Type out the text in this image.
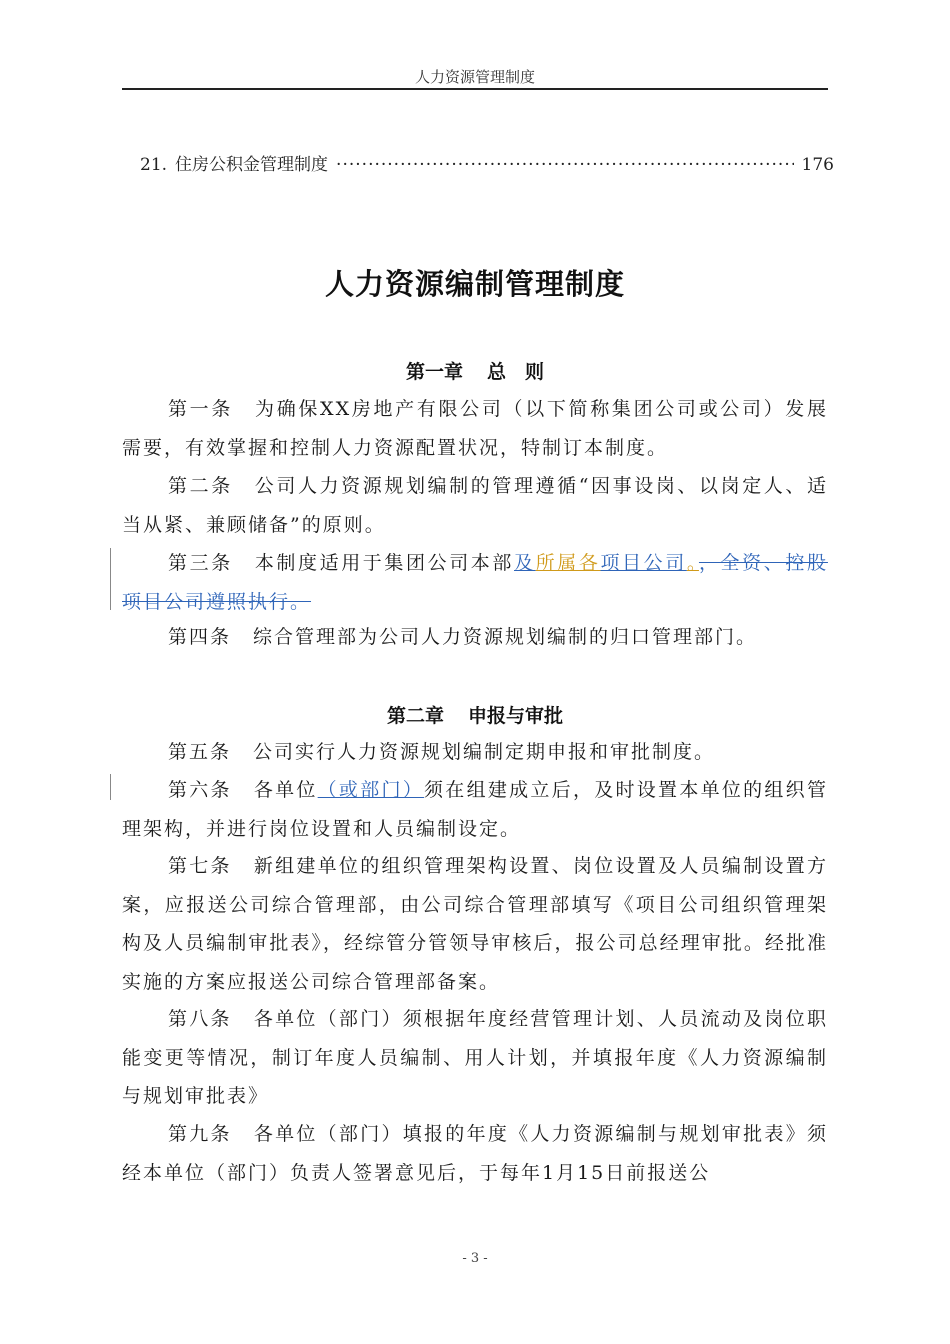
人力资源管理制度
21. 住房公积金管理制度
·····	176
人力资源编制管理制度
第一章 总　则
第一条 为确保XX房地产有限公司（以下简称集团公司或公司）发展需要，有效掌握和控制人力资源配置状况，特制订本制度。
第二条 公司人力资源规划编制的管理遵循“因事设岗、以岗定人、适当从紧、兼顾储备”的原则。
第三条 本制度适用于集团公司本部及所属各项目公司。，全资、控股项目公司遵照执行。
第四条 综合管理部为公司人力资源规划编制的归口管理部门。
第二章 申报与审批
第五条 公司实行人力资源规划编制定期申报和审批制度。
第六条 各单位（或部门）须在组建成立后，及时设置本单位的组织管理架构，并进行岗位设置和人员编制设定。
第七条 新组建单位的组织管理架构设置、岗位设置及人员编制设置方案，应报送公司综合管理部，由公司综合管理部填写《项目公司组织管理架构及人员编制审批表》，经综管分管领导审核后，报公司总经理审批。经批准实施的方案应报送公司综合管理部备案。
第八条 各单位（部门）须根据年度经营管理计划、人员流动及岗位职能变更等情况，制订年度人员编制、用人计划，并填报年度《人力资源编制与规划审批表》
第九条 各单位（部门）填报的年度《人力资源编制与规划审批表》须经本单位（部门）负责人签署意见后，于每年1月15日前报送公
- 3 -
